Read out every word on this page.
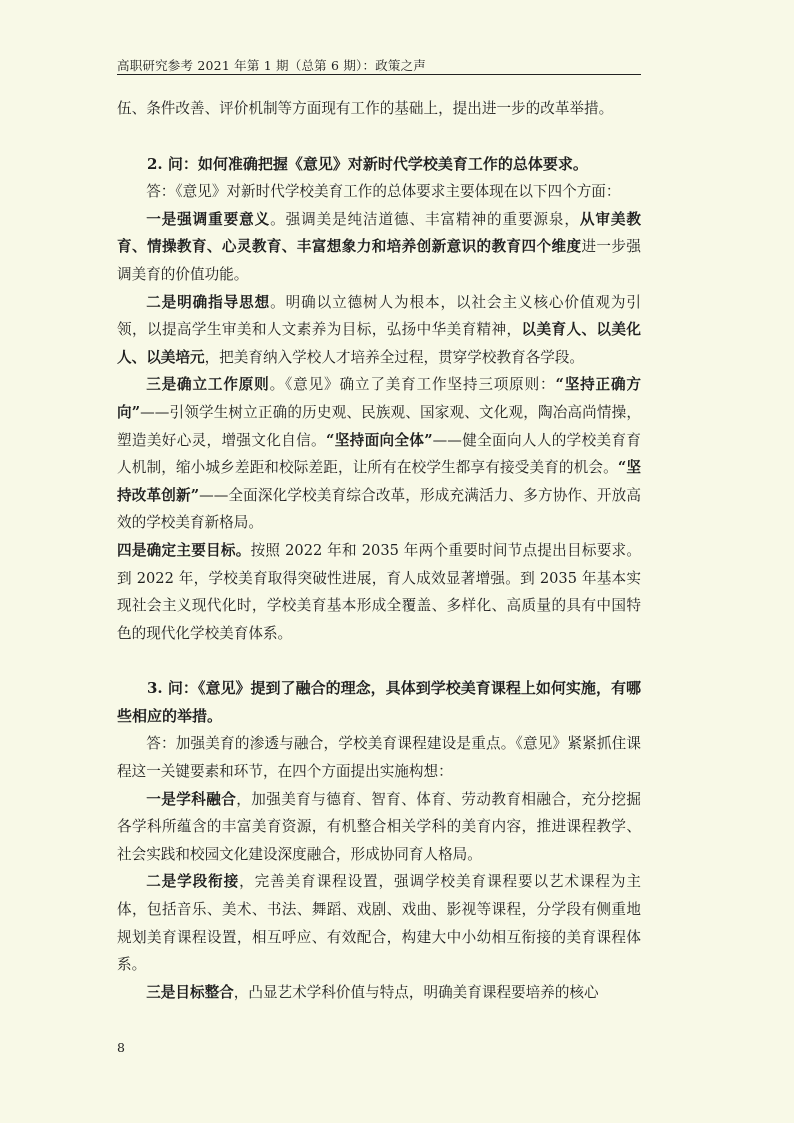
高职研究参考 2021 年第 1 期（总第 6 期）：政策之声

伍、条件改善、评价机制等方面现有工作的基础上，提出进一步的改革举措。

2. 问：如何准确把握《意见》对新时代学校美育工作的总体要求。

答：《意见》对新时代学校美育工作的总体要求主要体现在以下四个方面：

一是强调重要意义。强调美是纯洁道德、丰富精神的重要源泉，从审美教育、情操教育、心灵教育、丰富想象力和培养创新意识的教育四个维度进一步强调美育的价值功能。

二是明确指导思想。明确以立德树人为根本，以社会主义核心价值观为引领，以提高学生审美和人文素养为目标，弘扬中华美育精神，以美育人、以美化人、以美培元，把美育纳入学校人才培养全过程，贯穿学校教育各学段。

三是确立工作原则。《意见》确立了美育工作坚持三项原则：“坚持正确方向”——引领学生树立正确的历史观、民族观、国家观、文化观，陶冶高尚情操，塑造美好心灵，增强文化自信。“坚持面向全体”——健全面向人人的学校美育育人机制，缩小城乡差距和校际差距，让所有在校学生都享有接受美育的机会。“坚持改革创新”——全面深化学校美育综合改革，形成充满活力、多方协作、开放高效的学校美育新格局。

四是确定主要目标。按照 2022 年和 2035 年两个重要时间节点提出目标要求。到 2022 年，学校美育取得突破性进展，育人成效显著增强。到 2035 年基本实现社会主义现代化时，学校美育基本形成全覆盖、多样化、高质量的具有中国特色的现代化学校美育体系。

3. 问：《意见》提到了融合的理念，具体到学校美育课程上如何实施，有哪些相应的举措。

答：加强美育的渗透与融合，学校美育课程建设是重点。《意见》紧紧抓住课程这一关键要素和环节，在四个方面提出实施构想：

一是学科融合，加强美育与德育、智育、体育、劳动教育相融合，充分挖掘各学科所蕴含的丰富美育资源，有机整合相关学科的美育内容，推进课程教学、社会实践和校园文化建设深度融合，形成协同育人格局。

二是学段衔接，完善美育课程设置，强调学校美育课程要以艺术课程为主体，包括音乐、美术、书法、舞蹈、戏剧、戏曲、影视等课程，分学段有侧重地规划美育课程设置，相互呼应、有效配合，构建大中小幼相互衔接的美育课程体系。

三是目标整合，凸显艺术学科价值与特点，明确美育课程要培养的核心

8
